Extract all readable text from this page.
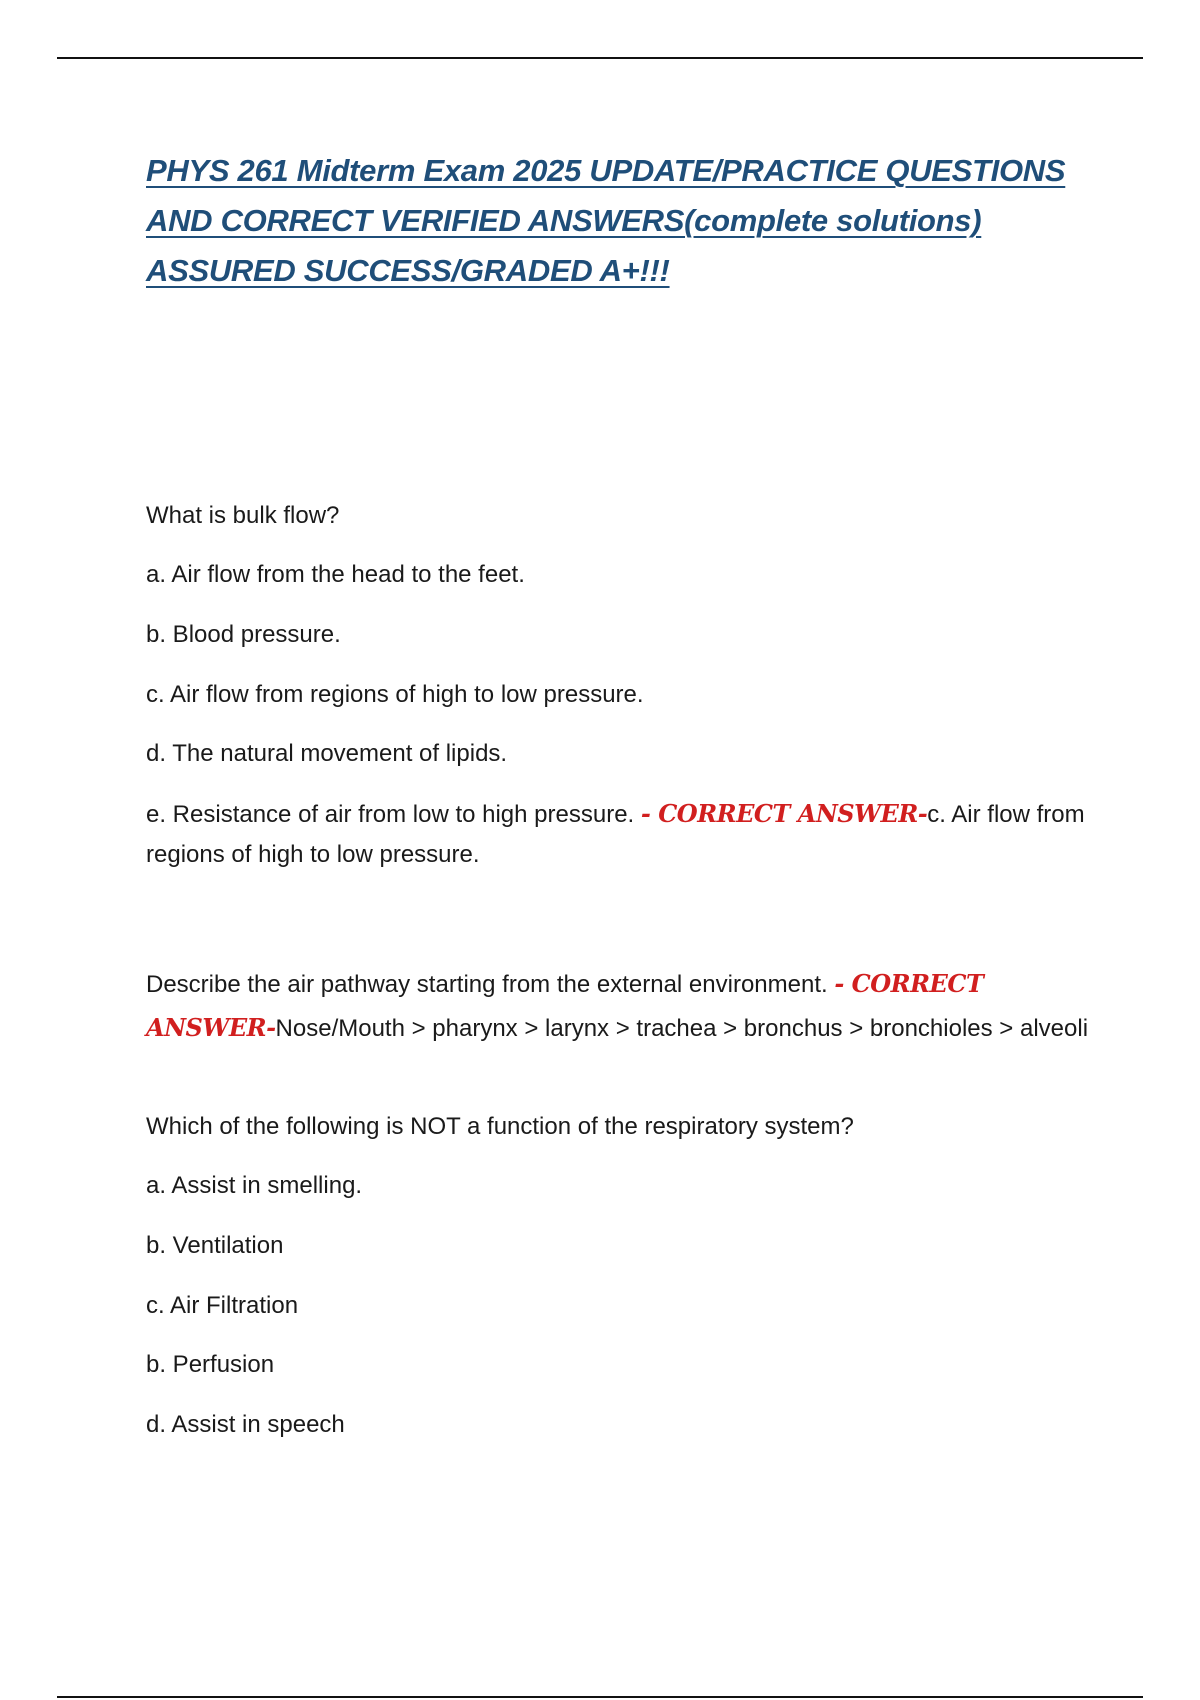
PHYS 261 Midterm Exam 2025 UPDATE/PRACTICE QUESTIONS AND CORRECT VERIFIED ANSWERS(complete solutions) ASSURED SUCCESS/GRADED A+!!!

What is bulk flow?

a. Air flow from the head to the feet.

b. Blood pressure.

c. Air flow from regions of high to low pressure.

d. The natural movement of lipids.

e. Resistance of air from low to high pressure. - CORRECT ANSWER-c. Air flow from regions of high to low pressure.

Describe the air pathway starting from the external environment. - CORRECT ANSWER-Nose/Mouth > pharynx > larynx > trachea > bronchus > bronchioles > alveoli

Which of the following is NOT a function of the respiratory system?

a. Assist in smelling.

b. Ventilation

c. Air Filtration

b. Perfusion

d. Assist in speech
